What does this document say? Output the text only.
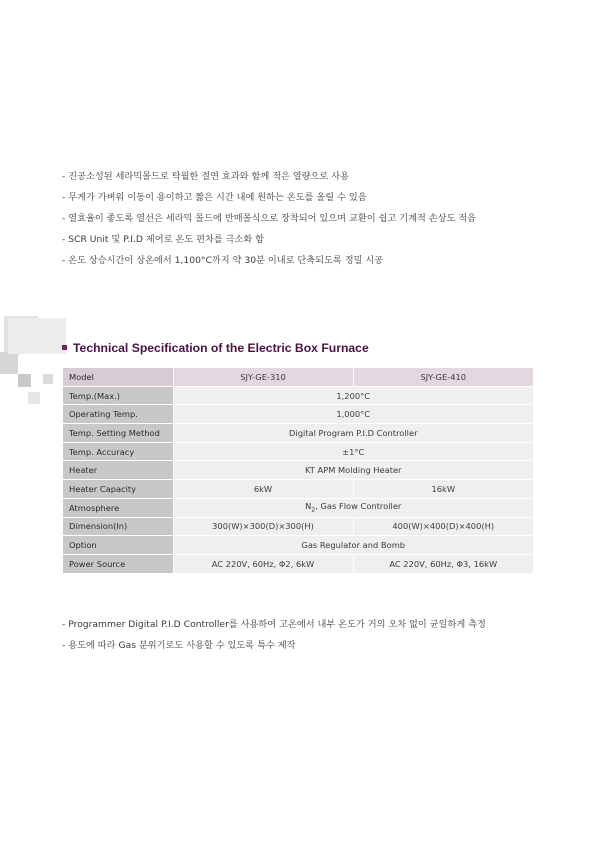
- 진공소성된 세라믹몰드로 탁월한 절연 효과와 함께 적은 열량으로 사용
- 무게가 가벼워 이동이 용이하고 짧은 시간 내에 원하는 온도를 올릴 수 있음
- 열효율이 좋도록 열선은 세라믹 몰드에 반매몰식으로 장착되어 있으며 교환이 쉽고 기계적 손상도 적음
- SCR Unit 및 P.I.D 제어로 온도 편차를 극소화 함
- 온도 상승시간이 상온에서 1,100°C까지 약 30분 이내로 단축되도록 정밀 시공
Technical Specification of the Electric Box Furnace
Model	SJY-GE-310	SJY-GE-410
Temp.(Max.)	1,200°C	
Operating Temp.	1,000°C	
Temp. Setting Method	Digital Program P.I.D Controller	
Temp. Accuracy	±1°C	
Heater	KT APM Molding Heater	
Heater Capacity	6kW	16kW
Atmosphere	$N_2$, Gas Flow Controller	
Dimension(In)	300(W)×300(D)×300(H)	400(W)×400(D)×400(H)
Option	Gas Regulator and Bomb	
Power Source	AC 220V, 60Hz, Φ2, 6kW	AC 220V, 60Hz, Φ3, 16kW
- Programmer Digital P.I.D Controller를 사용하여 고온에서 내부 온도가 거의 오차 없이 균일하게 측정
- 용도에 따라 Gas 분위기로도 사용할 수 있도록 특수 제작
